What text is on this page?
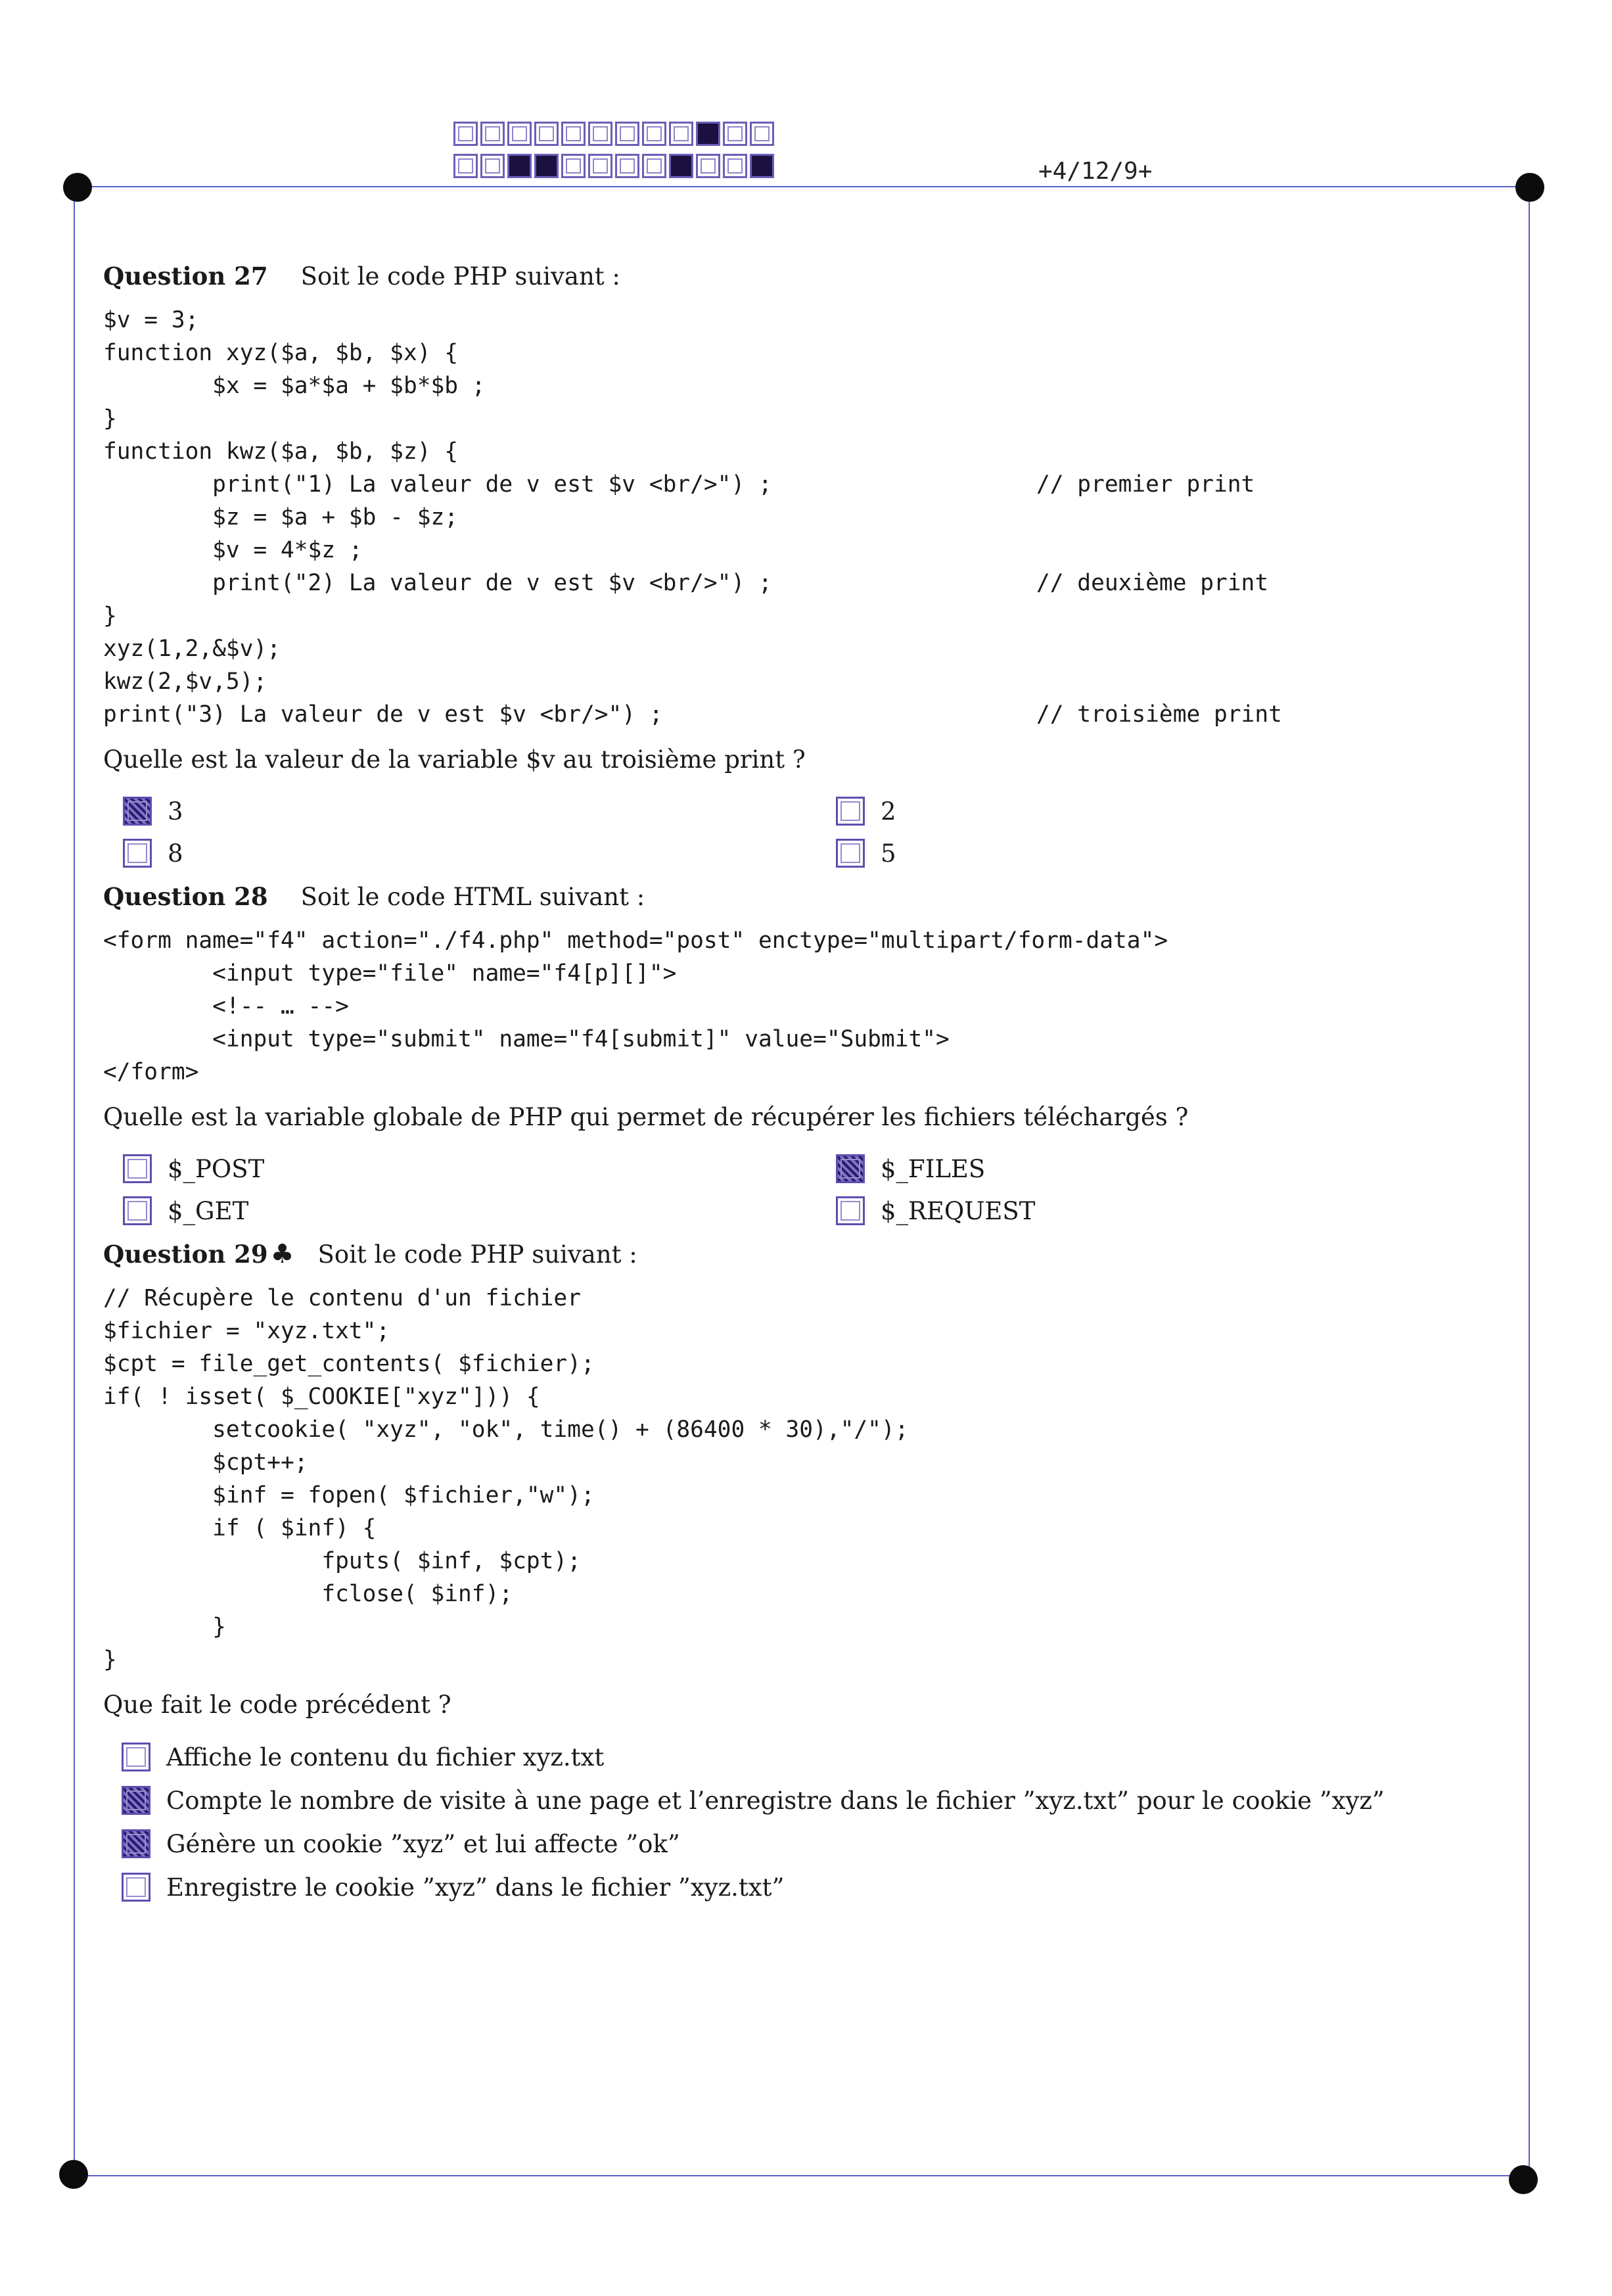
+4/12/9+

Question 27 Soit le code PHP suivant :

$v = 3;
function xyz($a, $b, $x) {
$x = $a*$a + $b*$b ;
}
function kwz($a, $b, $z) {
print("1) La valeur de v est $v <br/>") ;	// premier print
$z = $a + $b - $z;
$v = 4*$z ;
print("2) La valeur de v est $v <br/>") ;	// deuxième print
}
xyz(1,2,&$v);
kwz(2,$v,5);
print("3) La valeur de v est $v <br/>") ;	// troisième print

Quelle est la valeur de la variable $v au troisième print ?

3	2
8	5

Question 28 Soit le code HTML suivant :

<form name="f4" action="./f4.php" method="post" enctype="multipart/form-data">
<input type="file" name="f4[p][]">
<!-- … -->
<input type="submit" name="f4[submit]" value="Submit">
</form>

Quelle est la variable globale de PHP qui permet de récupérer les fichiers téléchargés ?

$_POST	$_FILES
$_GET	$_REQUEST

Question 29 ♣ Soit le code PHP suivant :

// Récupère le contenu d'un fichier
$fichier = "xyz.txt";
$cpt = file_get_contents( $fichier);
if( ! isset( $_COOKIE["xyz"])) {
setcookie( "xyz", "ok", time() + (86400 * 30),"/");
$cpt++;
$inf = fopen( $fichier,"w");
if ( $inf) {
fputs( $inf, $cpt);
fclose( $inf);
}
}

Que fait le code précédent ?

Affiche le contenu du fichier xyz.txt
Compte le nombre de visite à une page et l’enregistre dans le fichier ”xyz.txt” pour le cookie ”xyz”
Génère un cookie ”xyz” et lui affecte ”ok”
Enregistre le cookie ”xyz” dans le fichier ”xyz.txt”
